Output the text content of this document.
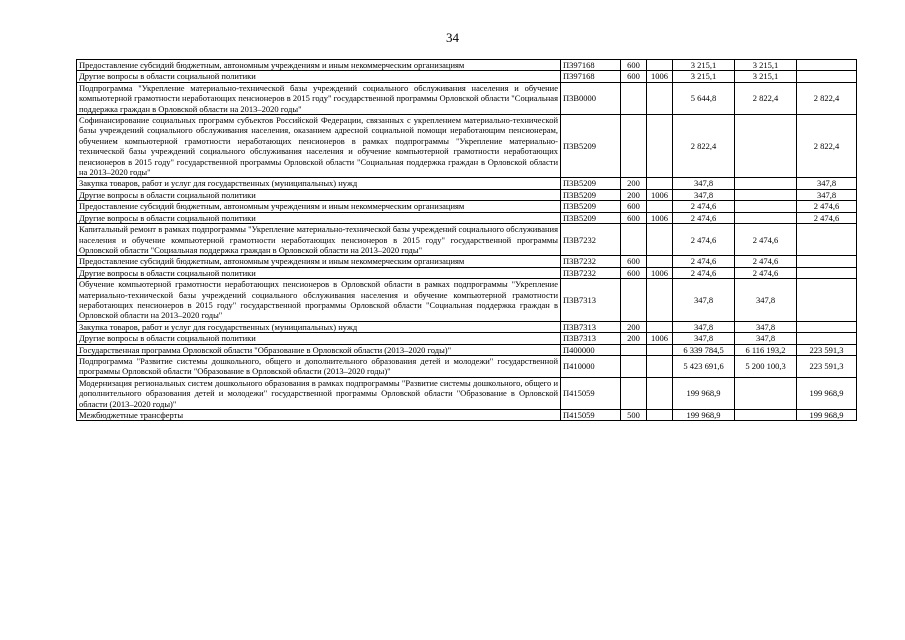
34
Предоставление субсидий бюджетным, автономным учреждениям и иным некоммерческим организациям	П397168	600		3 215,1	3 215,1	
Другие вопросы в области социальной политики	П397168	600	1006	3 215,1	3 215,1	
Подпрограмма "Укрепление материально-технической базы учреждений социального обслуживания населения и обучение компьютерной грамотности неработающих пенсионеров в 2015 году" государственной программы Орловской области "Социальная поддержка граждан в Орловской области на 2013–2020 годы"	П3В0000			5 644,8	2 822,4	2 822,4
Софинансирование социальных программ субъектов Российской Федерации, связанных с укреплением материально-технической базы учреждений социального обслуживания населения, оказанием адресной социальной помощи неработающим пенсионерам, обучением компьютерной грамотности неработающих пенсионеров в рамках подпрограммы "Укрепление материально-технической базы учреждений социального обслуживания населения и обучение компьютерной грамотности неработающих пенсионеров в 2015 году" государственной программы Орловской области "Социальная поддержка граждан в Орловской области на 2013–2020 годы"	П3В5209			2 822,4		2 822,4
Закупка товаров, работ и услуг для государственных (муниципальных) нужд	П3В5209	200		347,8		347,8
Другие вопросы в области социальной политики	П3В5209	200	1006	347,8		347,8
Предоставление субсидий бюджетным, автономным учреждениям и иным некоммерческим организациям	П3В5209	600		2 474,6		2 474,6
Другие вопросы в области социальной политики	П3В5209	600	1006	2 474,6		2 474,6
Капитальный ремонт в рамках подпрограммы "Укрепление материально-технической базы учреждений социального обслуживания населения и обучение компьютерной грамотности неработающих пенсионеров в 2015 году" государственной программы Орловской области "Социальная поддержка граждан в Орловской области на 2013–2020 годы"	П3В7232			2 474,6	2 474,6	
Предоставление субсидий бюджетным, автономным учреждениям и иным некоммерческим организациям	П3В7232	600		2 474,6	2 474,6	
Другие вопросы в области социальной политики	П3В7232	600	1006	2 474,6	2 474,6	
Обучение компьютерной грамотности неработающих пенсионеров в Орловской области в рамках подпрограммы "Укрепление материально-технической базы учреждений социального обслуживания населения и обучение компьютерной грамотности неработающих пенсионеров в 2015 году" государственной программы Орловской области "Социальная поддержка граждан в Орловской области на 2013–2020 годы"	П3В7313			347,8	347,8	
Закупка товаров, работ и услуг для государственных (муниципальных) нужд	П3В7313	200		347,8	347,8	
Другие вопросы в области социальной политики	П3В7313	200	1006	347,8	347,8	
Государственная программа Орловской области "Образование в Орловской области (2013–2020 годы)"	П400000			6 339 784,5	6 116 193,2	223 591,3
Подпрограмма "Развитие системы дошкольного, общего и дополнительного образования детей и молодежи" государственной программы Орловской области "Образование в Орловской области (2013–2020 годы)"	П410000			5 423 691,6	5 200 100,3	223 591,3
Модернизация региональных систем дошкольного образования в рамках подпрограммы "Развитие системы дошкольного, общего и дополнительного образования детей и молодежи" государственной программы Орловской области "Образование в Орловской области (2013–2020 годы)"	П415059			199 968,9		199 968,9
Межбюджетные трансферты	П415059	500		199 968,9		199 968,9
